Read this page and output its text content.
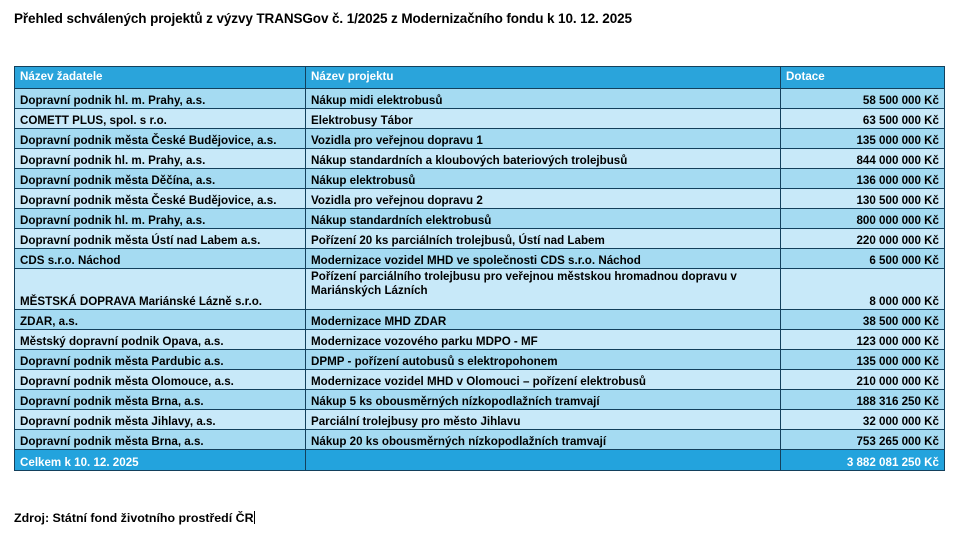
Přehled schválených projektů z výzvy TRANSGov č. 1/2025 z Modernizačního fondu k 10. 12. 2025
Název žadatele	Název projektu	Dotace
Dopravní podnik hl. m. Prahy, a.s.	Nákup midi elektrobusů	58 500 000 Kč
COMETT PLUS, spol. s r.o.	Elektrobusy Tábor	63 500 000 Kč
Dopravní podnik města České Budějovice, a.s.	Vozidla pro veřejnou dopravu 1	135 000 000 Kč
Dopravní podnik hl. m. Prahy, a.s.	Nákup standardních a kloubových bateriových trolejbusů	844 000 000 Kč
Dopravní podnik města Děčína, a.s.	Nákup elektrobusů	136 000 000 Kč
Dopravní podnik města České Budějovice, a.s.	Vozidla pro veřejnou dopravu 2	130 500 000 Kč
Dopravní podnik hl. m. Prahy, a.s.	Nákup standardních elektrobusů	800 000 000 Kč
Dopravní podnik města Ústí nad Labem a.s.	Pořízení 20 ks parciálních trolejbusů, Ústí nad Labem	220 000 000 Kč
CDS s.r.o. Náchod	Modernizace vozidel MHD ve společnosti CDS s.r.o. Náchod	6 500 000 Kč
MĚSTSKÁ DOPRAVA Mariánské Lázně s.r.o.	Pořízení parciálního trolejbusu pro veřejnou městskou hromadnou dopravu v Mariánských Lázních	8 000 000 Kč
ZDAR, a.s.	Modernizace MHD ZDAR	38 500 000 Kč
Městský dopravní podnik Opava, a.s.	Modernizace vozového parku MDPO - MF	123 000 000 Kč
Dopravní podnik města Pardubic a.s.	DPMP - pořízení autobusů s elektropohonem	135 000 000 Kč
Dopravní podnik města Olomouce, a.s.	Modernizace vozidel MHD v Olomouci – pořízení elektrobusů	210 000 000 Kč
Dopravní podnik města Brna, a.s.	Nákup 5 ks obousměrných nízkopodlažních tramvají	188 316 250 Kč
Dopravní podnik města Jihlavy, a.s.	Parciální trolejbusy pro město Jihlavu	32 000 000 Kč
Dopravní podnik města Brna, a.s.	Nákup 20 ks obousměrných nízkopodlažních tramvají	753 265 000 Kč
Celkem k 10. 12. 2025		3 882 081 250 Kč
Zdroj: Státní fond životního prostředí ČR
